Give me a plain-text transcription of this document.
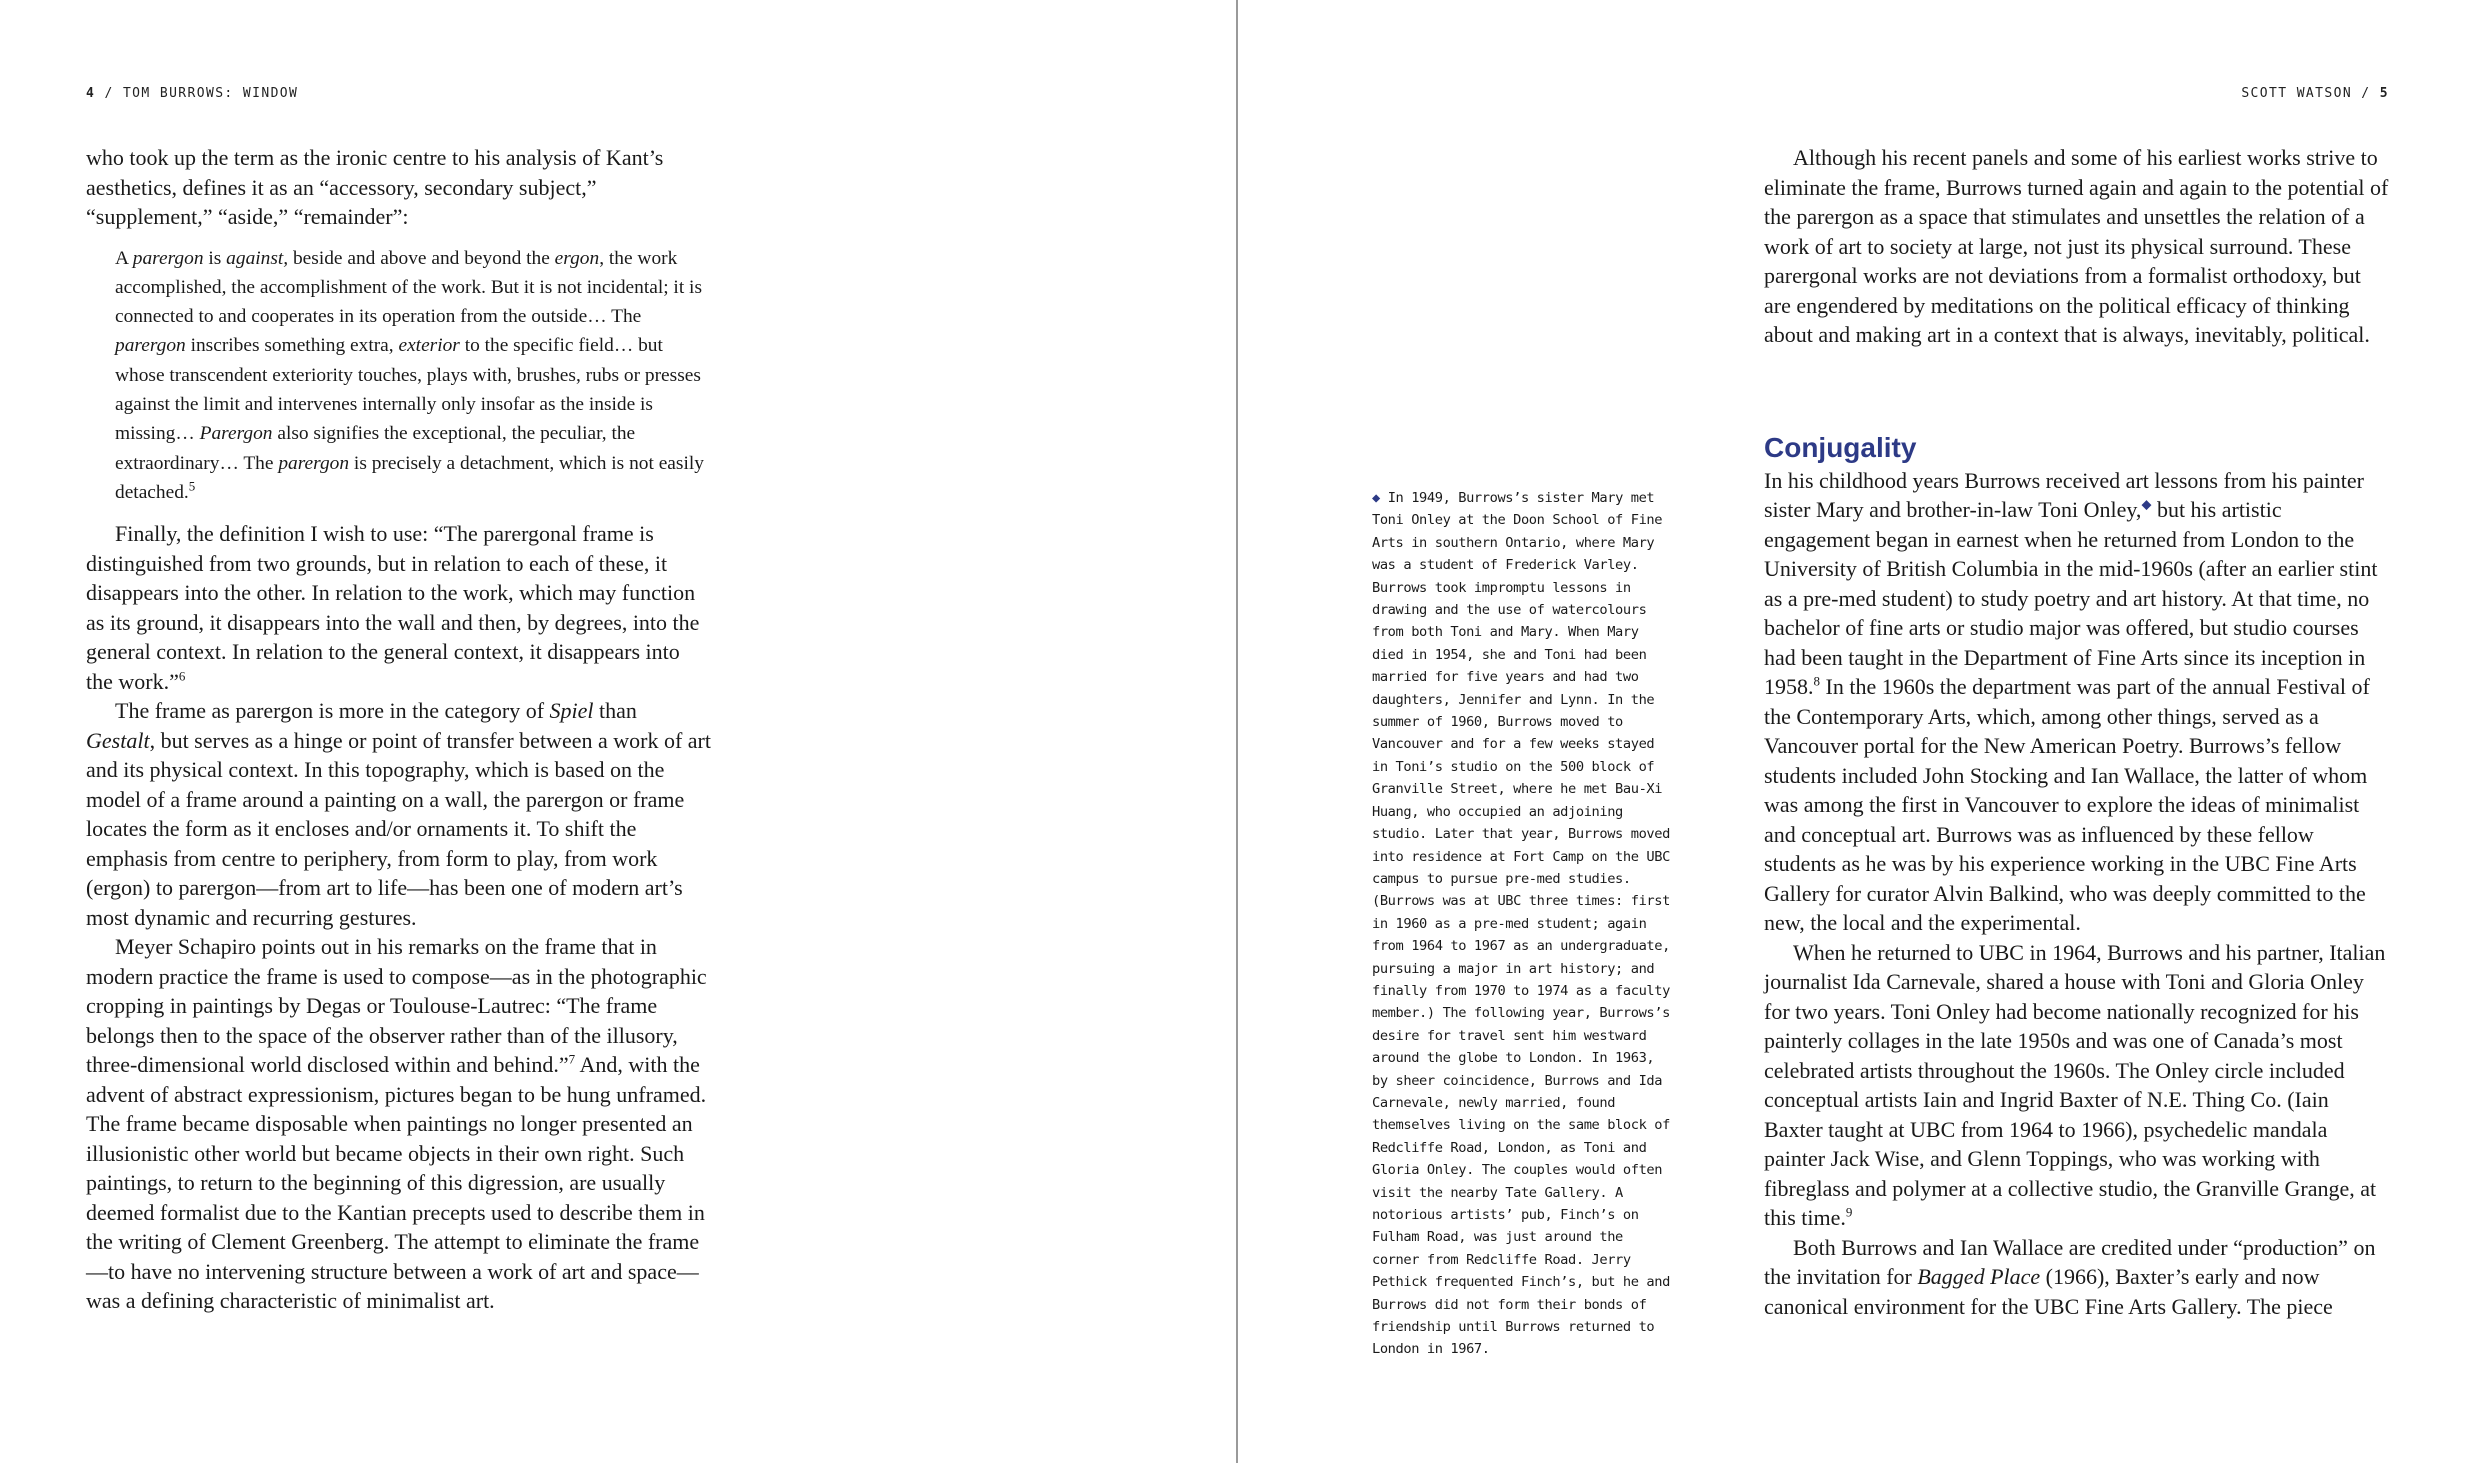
4 / TOM BURROWS: WINDOW

who took up the term as the ironic centre to his analysis of Kant’s aesthetics, defines it as an “accessory, secondary subject,” “supplement,” “aside,” “remainder”:

A parergon is against, beside and above and beyond the ergon, the work accomplished, the accomplishment of the work. But it is not incidental; it is connected to and cooperates in its operation from the outside… The parergon inscribes something extra, exterior to the specific field… but whose transcendent exteriority touches, plays with, brushes, rubs or presses against the limit and intervenes internally only insofar as the inside is missing… Parergon also signifies the exceptional, the peculiar, the extraordinary… The parergon is precisely a detachment, which is not easily detached.$^5$

Finally, the definition I wish to use: “The parergonal frame is distinguished from two grounds, but in relation to each of these, it disappears into the other. In relation to the work, which may function as its ground, it disappears into the wall and then, by degrees, into the general context. In relation to the general context, it disappears into the work.”$^6$

The frame as parergon is more in the category of Spiel than Gestalt, but serves as a hinge or point of transfer between a work of art and its physical context. In this topography, which is based on the model of a frame around a painting on a wall, the parergon or frame locates the form as it encloses and/or ornaments it. To shift the emphasis from centre to periphery, from form to play, from work (ergon) to parergon—from art to life—has been one of modern art’s most dynamic and recurring gestures.

Meyer Schapiro points out in his remarks on the frame that in modern practice the frame is used to compose—as in the photographic cropping in paintings by Degas or Toulouse-Lautrec: “The frame belongs then to the space of the observer rather than of the illusory, three-dimensional world disclosed within and behind.”$^7$ And, with the advent of abstract expressionism, pictures began to be hung unframed. The frame became disposable when paintings no longer presented an illusionistic other world but became objects in their own right. Such paintings, to return to the beginning of this digression, are usually deemed formalist due to the Kantian precepts used to describe them in the writing of Clement Greenberg. The attempt to eliminate the frame—to have no intervening structure between a work of art and space—was a defining characteristic of minimalist art.

SCOTT WATSON / 5

Although his recent panels and some of his earliest works strive to eliminate the frame, Burrows turned again and again to the potential of the parergon as a space that stimulates and unsettles the relation of a work of art to society at large, not just its physical surround. These parergonal works are not deviations from a formalist orthodoxy, but are engendered by meditations on the political efficacy of thinking about and making art in a context that is always, inevitably, political.

Conjugality

In his childhood years Burrows received art lessons from his painter sister Mary and brother-in-law Toni Onley,◆ but his artistic engagement began in earnest when he returned from London to the University of British Columbia in the mid-1960s (after an earlier stint as a pre-med student) to study poetry and art history. At that time, no bachelor of fine arts or studio major was offered, but studio courses had been taught in the Department of Fine Arts since its inception in 1958.$^8$ In the 1960s the department was part of the annual Festival of the Contemporary Arts, which, among other things, served as a Vancouver portal for the New American Poetry. Burrows’s fellow students included John Stocking and Ian Wallace, the latter of whom was among the first in Vancouver to explore the ideas of minimalist and conceptual art. Burrows was as influenced by these fellow students as he was by his experience working in the UBC Fine Arts Gallery for curator Alvin Balkind, who was deeply committed to the new, the local and the experimental.

When he returned to UBC in 1964, Burrows and his partner, Italian journalist Ida Carnevale, shared a house with Toni and Gloria Onley for two years. Toni Onley had become nationally recognized for his painterly collages in the late 1950s and was one of Canada’s most celebrated artists throughout the 1960s. The Onley circle included conceptual artists Iain and Ingrid Baxter of N.E. Thing Co. (Iain Baxter taught at UBC from 1964 to 1966), psychedelic mandala painter Jack Wise, and Glenn Toppings, who was working with fibreglass and polymer at a collective studio, the Granville Grange, at this time.$^9$

Both Burrows and Ian Wallace are credited under “production” on the invitation for Bagged Place (1966), Baxter’s early and now canonical environment for the UBC Fine Arts Gallery. The piece

◆ In 1949, Burrows’s sister Mary met Toni Onley at the Doon School of Fine Arts in southern Ontario, where Mary was a student of Frederick Varley. Burrows took impromptu lessons in drawing and the use of watercolours from both Toni and Mary. When Mary died in 1954, she and Toni had been married for five years and had two daughters, Jennifer and Lynn. In the summer of 1960, Burrows moved to Vancouver and for a few weeks stayed in Toni’s studio on the 500 block of Granville Street, where he met Bau-Xi Huang, who occupied an adjoining studio. Later that year, Burrows moved into residence at Fort Camp on the UBC campus to pursue pre-med studies. (Burrows was at UBC three times: first in 1960 as a pre-med student; again from 1964 to 1967 as an undergraduate, pursuing a major in art history; and finally from 1970 to 1974 as a faculty member.) The following year, Burrows’s desire for travel sent him westward around the globe to London. In 1963, by sheer coincidence, Burrows and Ida Carnevale, newly married, found themselves living on the same block of Redcliffe Road, London, as Toni and Gloria Onley. The couples would often visit the nearby Tate Gallery. A notorious artists’ pub, Finch’s on Fulham Road, was just around the corner from Redcliffe Road. Jerry Pethick frequented Finch’s, but he and Burrows did not form their bonds of friendship until Burrows returned to London in 1967.
